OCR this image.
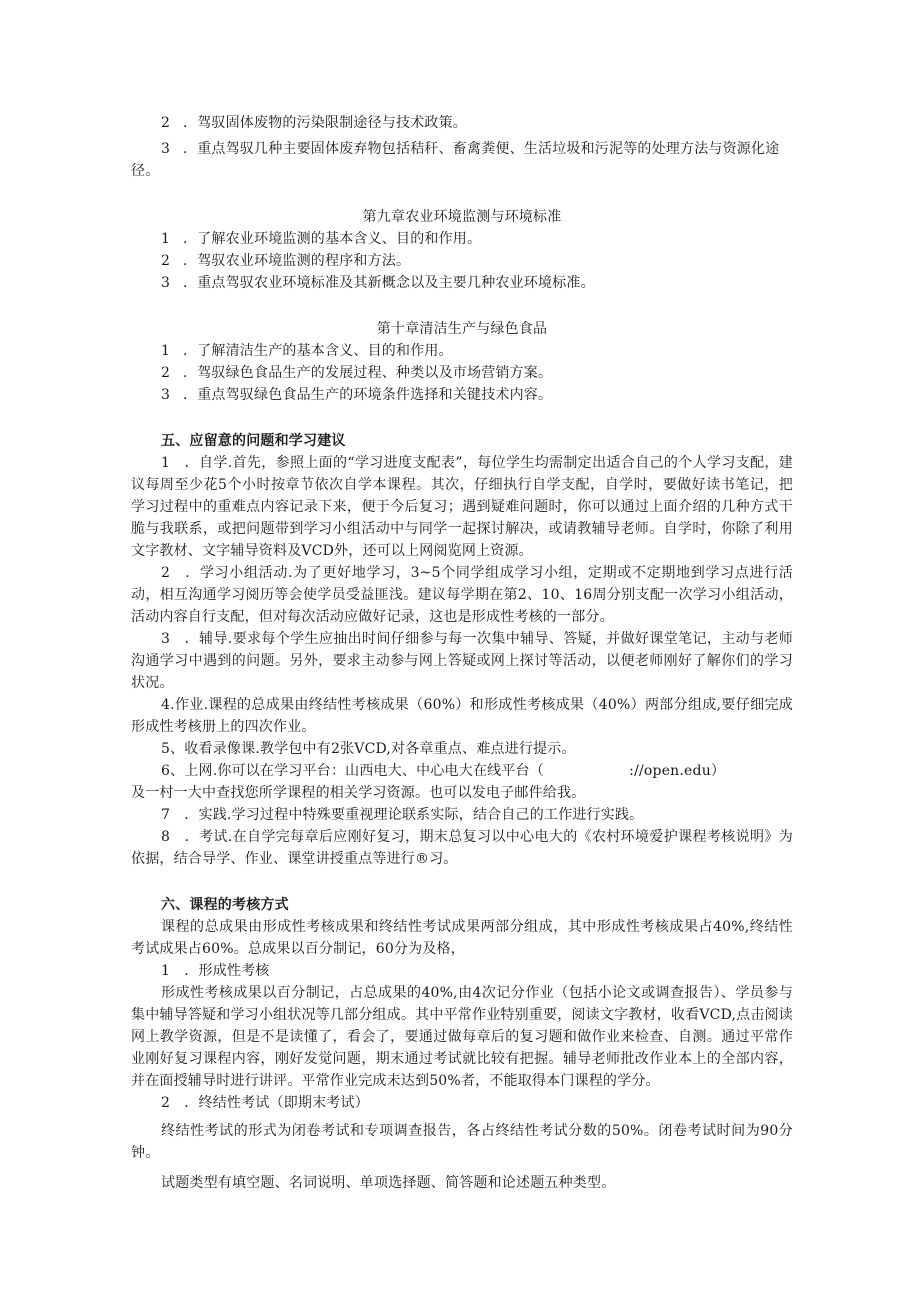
2 ．驾驭固体废物的污染限制途径与技术政策。

3 ．重点驾驭几种主要固体废弃物包括秸秆、畜禽粪便、生活垃圾和污泥等的处理方法与资源化途径。

第九章农业环境监测与环境标准

1 ．了解农业环境监测的基本含义、目的和作用。

2 ．驾驭农业环境监测的程序和方法。

3 ．重点驾驭农业环境标准及其新概念以及主要几种农业环境标准。

第十章清洁生产与绿色食品

1 ．了解清洁生产的基本含义、目的和作用。

2 ．驾驭绿色食品生产的发展过程、种类以及市场营销方案。

3 ．重点驾驭绿色食品生产的环境条件选择和关键技术内容。

五、应留意的问题和学习建议

1　．自学.首先，参照上面的“学习进度支配表”，每位学生均需制定出适合自己的个人学习支配，建议每周至少花5个小时按章节依次自学本课程。其次，仔细执行自学支配，自学时，要做好读书笔记，把学习过程中的重难点内容记录下来，便于今后复习；遇到疑难问题时，你可以通过上面介绍的几种方式干脆与我联系，或把问题带到学习小组活动中与同学一起探讨解决，或请教辅导老师。自学时，你除了利用文字教材、文字辅导资料及VCD外，还可以上网阅览网上资源。

2　．学习小组活动.为了更好地学习，3~5个同学组成学习小组，定期或不定期地到学习点进行活动，相互沟通学习阅历等会使学员受益匪浅。建议每学期在第2、10、16周分别支配一次学习小组活动，活动内容自行支配，但对每次活动应做好记录，这也是形成性考核的一部分。

3　．辅导.要求每个学生应抽出时间仔细参与每一次集中辅导、答疑，并做好课堂笔记，主动与老师沟通学习中遇到的问题。另外，要求主动参与网上答疑或网上探讨等活动，以便老师刚好了解你们的学习状况。

4.作业.课程的总成果由终结性考核成果（60%）和形成性考核成果（40%）两部分组成,要仔细完成形成性考核册上的四次作业。

5、收看录像课.教学包中有2张VCD,对各章重点、难点进行提示。

6、上网.你可以在学习平台：山西电大、中心电大在线平台（　　　　　　://open.edu）

及一村一大中查找您所学课程的相关学习资源。也可以发电子邮件给我。

7　．实践.学习过程中特殊要重视理论联系实际，结合自己的工作进行实践。

8　．考试.在自学完每章后应刚好复习，期末总复习以中心电大的《农村环境爱护课程考核说明》为依据，结合导学、作业、课堂讲授重点等进行®习。

六、课程的考核方式

课程的总成果由形成性考核成果和终结性考试成果两部分组成，其中形成性考核成果占40%,终结性考试成果占60%。总成果以百分制记，60分为及格，

1　．形成性考核

形成性考核成果以百分制记，占总成果的40%,由4次记分作业（包括小论文或调查报告）、学员参与集中辅导答疑和学习小组状况等几部分组成。其中平常作业特别重要，阅读文字教材，收看VCD,点击阅读网上教学资源，但是不是读懂了，看会了，要通过做每章后的复习题和做作业来检查、自测。通过平常作业刚好复习课程内容，刚好发觉问题，期末通过考试就比较有把握。辅导老师批改作业本上的全部内容，并在面授辅导时进行讲评。平常作业完成未达到50%者，不能取得本门课程的学分。

2　．终结性考试（即期末考试）

终结性考试的形式为闭卷考试和专项调查报告，各占终结性考试分数的50%。闭卷考试时间为90分钟。

试题类型有填空题、名词说明、单项选择题、简答题和论述题五种类型。
